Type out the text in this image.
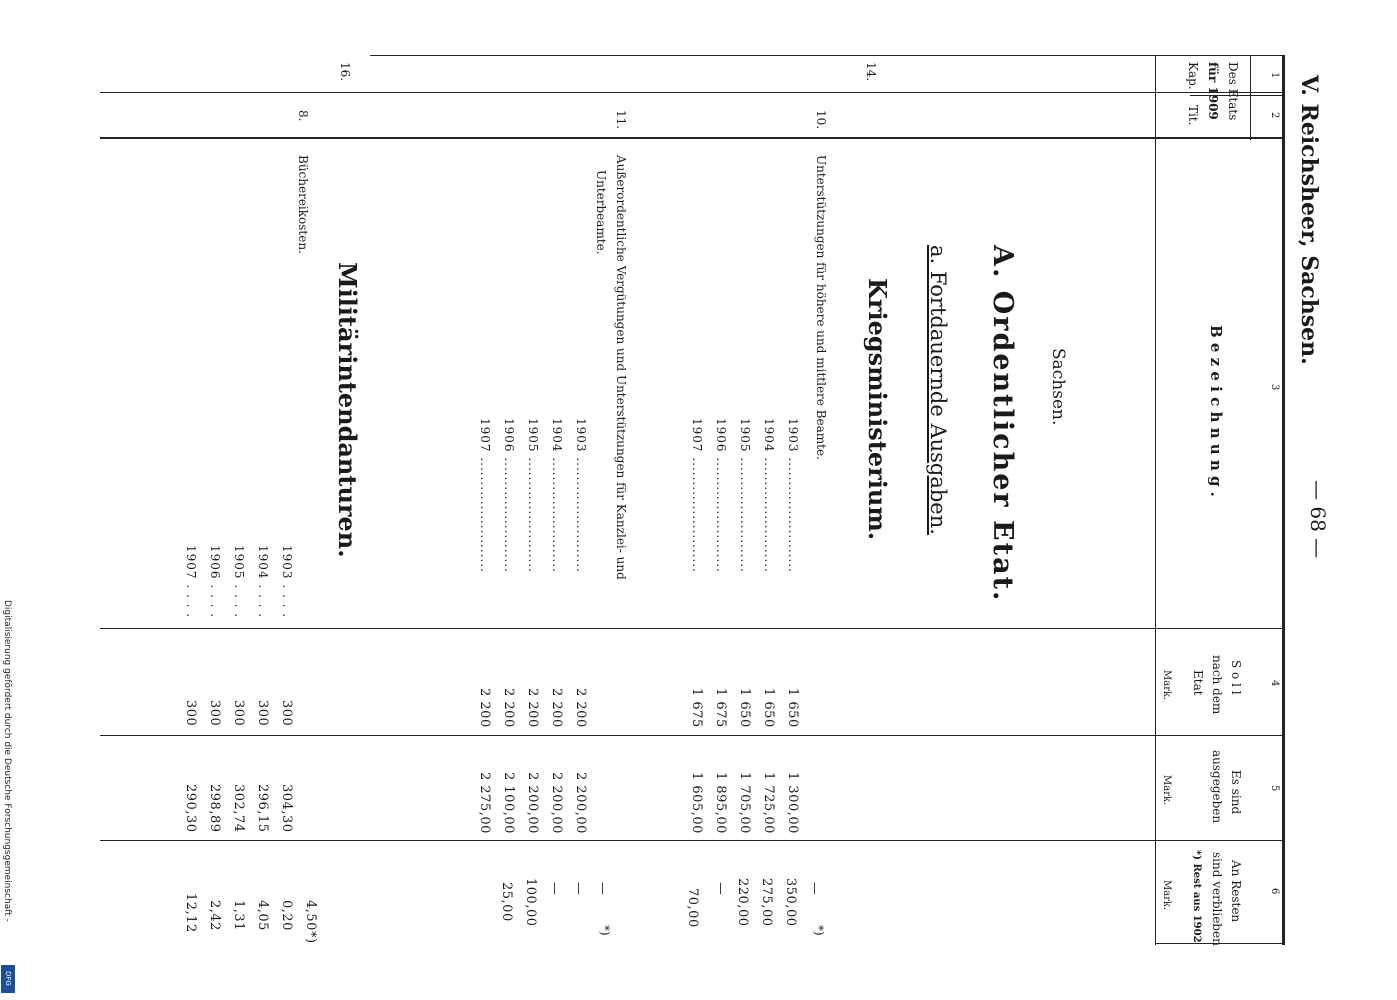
Digitalisierung gefördert durch die Deutsche Forschungsgemeinschaft -
DFG
V. Reichsheer, Sachsen.
— 68 —
1
2
3
4
5
6
Des Etats
für 1909
Kap.
Tit.
B e z e i c h n u n g .
S o l l
nach dem
Etat
Mark.
Es sind
ausgegeben
Mark.
An Resten
sind verblieben
*) Rest aus 1902
Mark.
Sachsen.
A. Ordentlicher Etat.
a. Fortdauernde Ausgaben.
Kriegsministerium.
14.
16.
10.
Unterstützungen für höhere und mittlere Beamte.
1903 ........................
1904 ........................
1905 ........................
1906 ........................
1907 ........................
1 650
1 650
1 650
1 675
1 675
1 300,00
1 725,00
1 705,00
1 895,00
1 605,00
—
*)
350,00
275,00
220,00
—
70,00
11.
Außerordentliche Vergütungen und Unterstützungen für Kanzlei- und
Unterbeamte.
1903 ........................
1904 ........................
1905 ........................
1906 ........................
1907 ........................
2 200
2 200
2 200
2 200
2 200
2 200,00
2 200,00
2 200,00
2 100,00
2 275,00
—
*)
—
—
100,00
25,00
Militärintendanturen.
8.
Büchereikosten.
1903 . . . .
1904 . . . .
1905 . . . .
1906 . . . .
1907 . . . .
300
300
300
300
300
304,30
296,15
302,74
298,89
290,30
4,50*)
0,20
4,05
1,31
2,42
12,12
